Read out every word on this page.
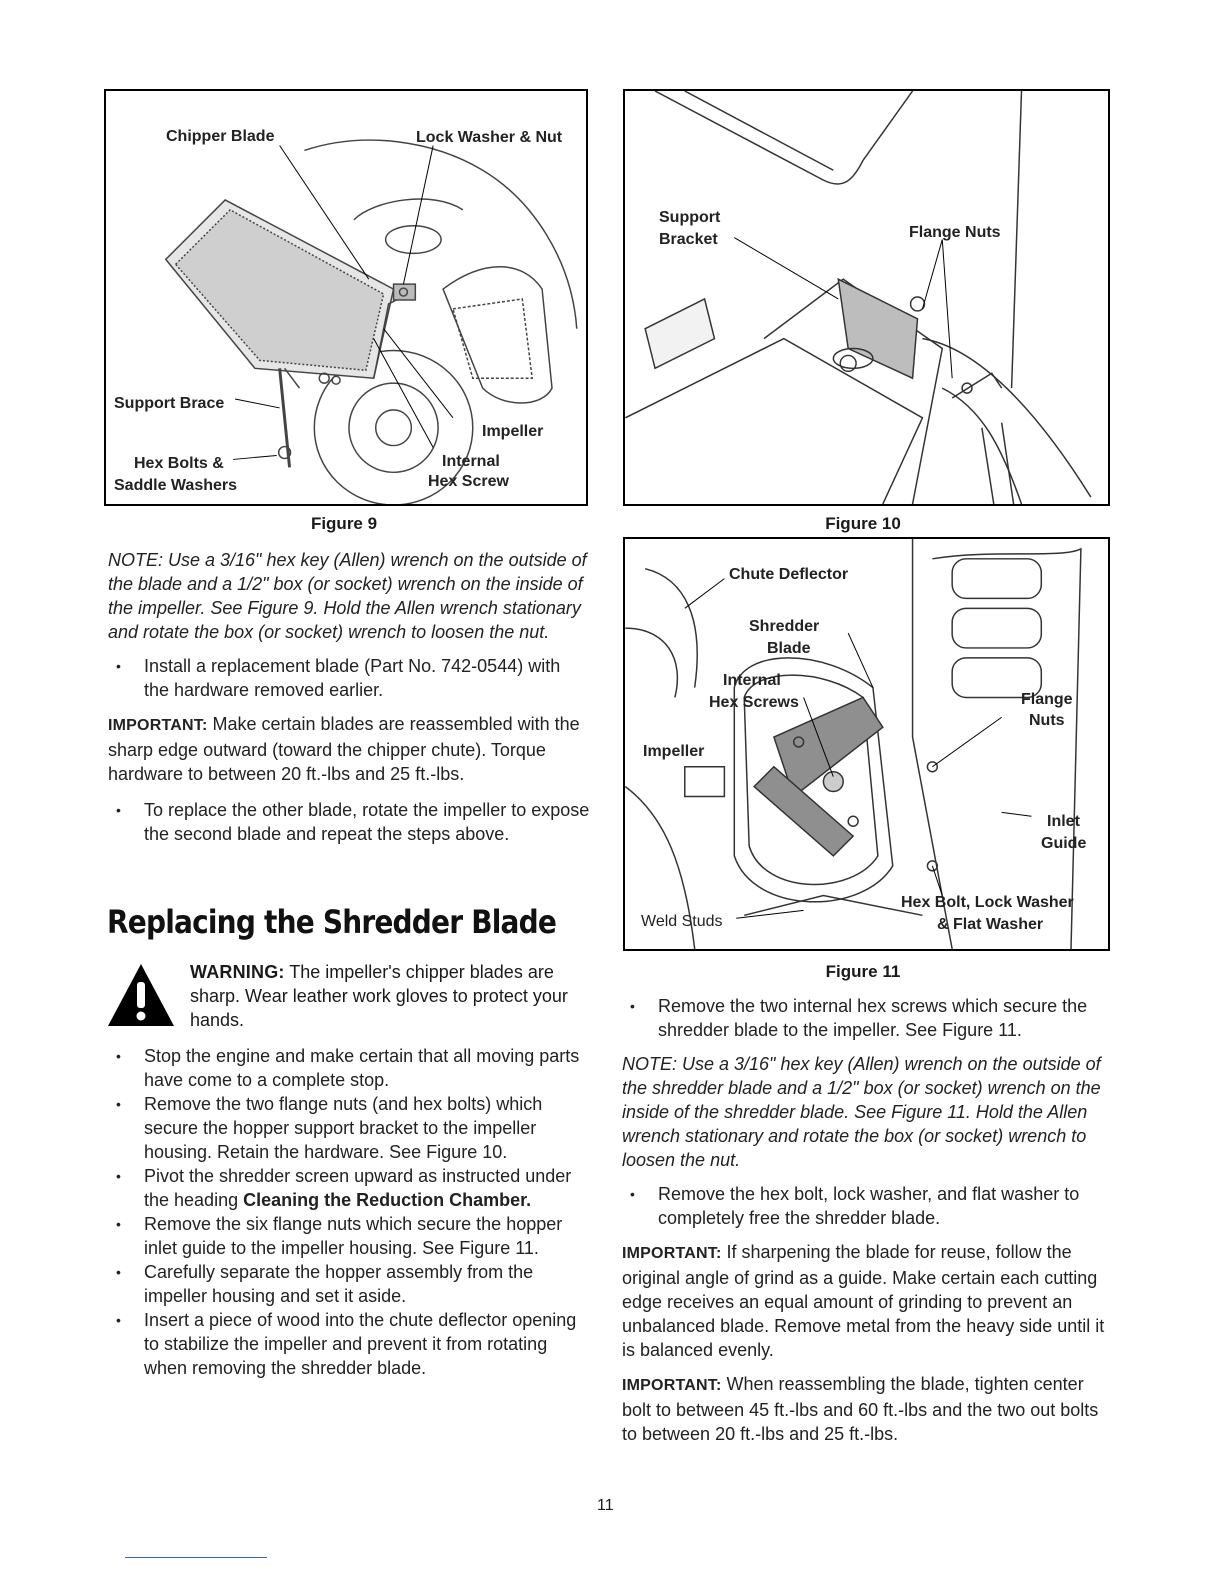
Chipper Blade	Lock Washer & Nut
Support Brace
Impeller
Hex Bolts &
Saddle Washers
Internal
Hex Screw
Figure 9
Support
Bracket	Flange Nuts
Figure 10
Chute Deflector
Shredder
Blade
Internal
Hex Screws	Flange
Nuts
Impeller
Inlet
Guide
Hex Bolt, Lock Washer
& Flat Washer
Weld Studs
Figure 11

NOTE: Use a 3/16" hex key (Allen) wrench on the outside of the blade and a 1/2" box (or socket) wrench on the inside of the impeller. See Figure 9. Hold the Allen wrench stationary and rotate the box (or socket) wrench to loosen the nut.

• Install a replacement blade (Part No. 742-0544) with the hardware removed earlier.

IMPORTANT: Make certain blades are reassembled with the sharp edge outward (toward the chipper chute). Torque hardware to between 20 ft.-lbs and 25 ft.-lbs.

• To replace the other blade, rotate the impeller to expose the second blade and repeat the steps above.

Replacing the Shredder Blade
WARNING: The impeller's chipper blades are sharp. Wear leather work gloves to protect your hands.

• Stop the engine and make certain that all moving parts have come to a complete stop.

• Remove the two flange nuts (and hex bolts) which secure the hopper support bracket to the impeller housing. Retain the hardware. See Figure 10.

• Pivot the shredder screen upward as instructed under the heading Cleaning the Reduction Chamber.

• Remove the six flange nuts which secure the hopper inlet guide to the impeller housing. See Figure 11.

• Carefully separate the hopper assembly from the impeller housing and set it aside.

• Insert a piece of wood into the chute deflector opening to stabilize the impeller and prevent it from rotating when removing the shredder blade.

• Remove the two internal hex screws which secure the shredder blade to the impeller. See Figure 11.

NOTE: Use a 3/16" hex key (Allen) wrench on the outside of the shredder blade and a 1/2" box (or socket) wrench on the inside of the shredder blade. See Figure 11. Hold the Allen wrench stationary and rotate the box (or socket) wrench to loosen the nut.

• Remove the hex bolt, lock washer, and flat washer to completely free the shredder blade.

IMPORTANT: If sharpening the blade for reuse, follow the original angle of grind as a guide. Make certain each cutting edge receives an equal amount of grinding to prevent an unbalanced blade. Remove metal from the heavy side until it is balanced evenly.

IMPORTANT: When reassembling the blade, tighten center bolt to between 45 ft.-lbs and 60 ft.-lbs and the two out bolts to between 20 ft.-lbs and 25 ft.-lbs.

11
